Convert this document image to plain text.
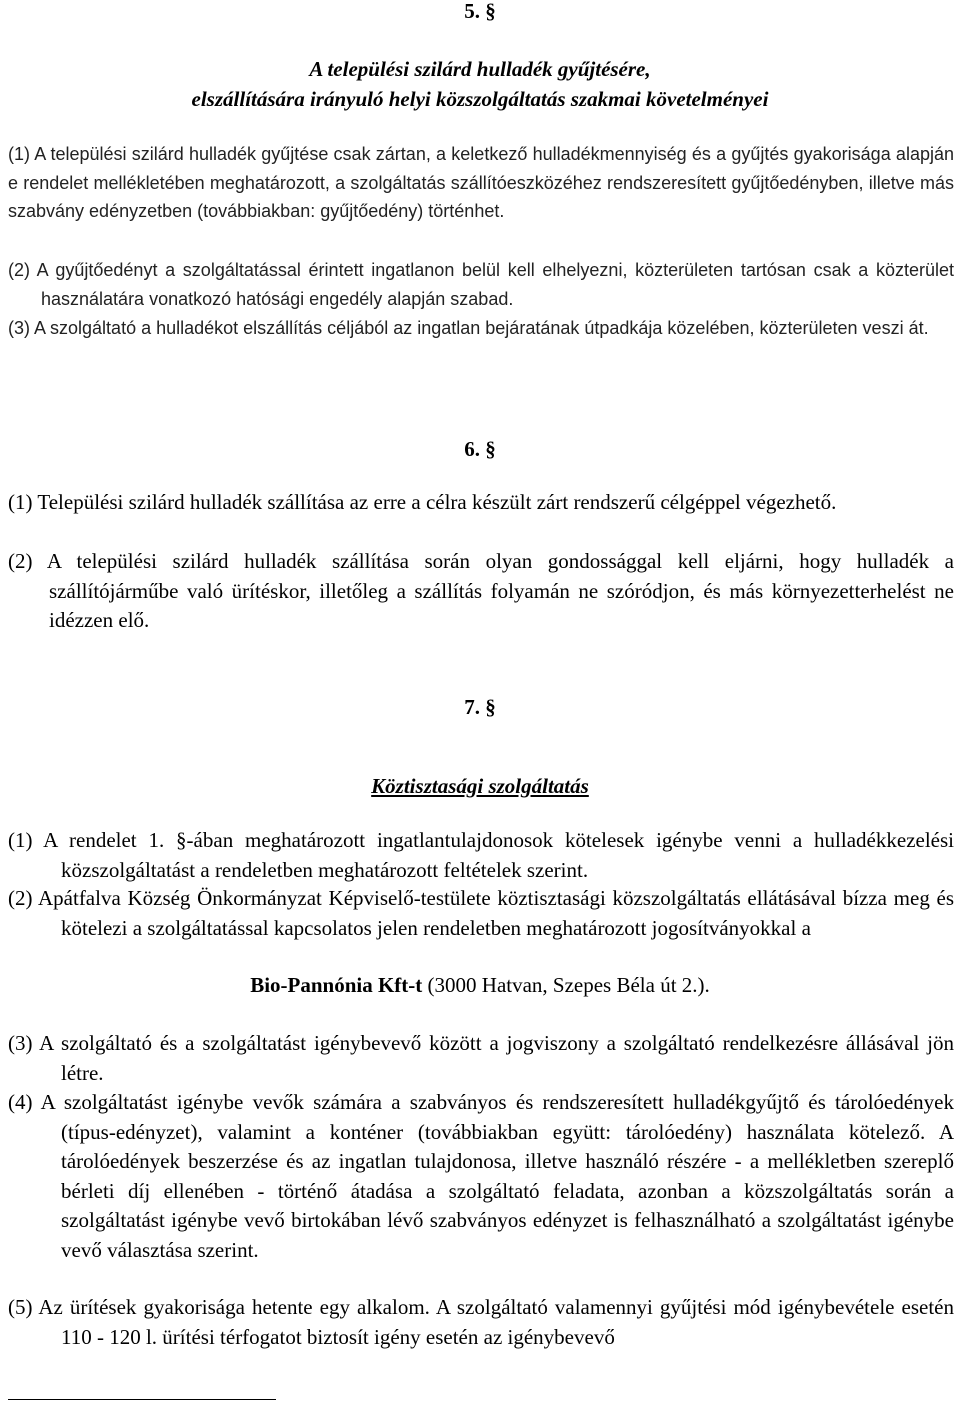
5. §
A települési szilárd hulladék gyűjtésére,
elszállítására irányuló helyi közszolgáltatás szakmai követelményei

(1) A települési szilárd hulladék gyűjtése csak zártan, a keletkező hulladékmennyiség és a gyűjtés gyakorisága alapján e rendelet mellékletében meghatározott, a szolgáltatás szállítóeszközéhez rendszeresített gyűjtőedényben, illetve más szabvány edényzetben (továbbiakban: gyűjtőedény) történhet.

(2) A gyűjtőedényt a szolgáltatással érintett ingatlanon belül kell elhelyezni, közterületen tartósan csak a közterület használatára vonatkozó hatósági engedély alapján szabad.

(3) A szolgáltató a hulladékot elszállítás céljából az ingatlan bejáratának útpadkája közelében, közterületen veszi át.

6. §

(1) Települési szilárd hulladék szállítása az erre a célra készült zárt rendszerű célgéppel végezhető.

(2) A települési szilárd hulladék szállítása során olyan gondossággal kell eljárni, hogy hulladék a szállítójárműbe való ürítéskor, illetőleg a szállítás folyamán ne szóródjon, és más környezetterhelést ne idézzen elő.

7. §
Köztisztasági szolgáltatás

(1) A rendelet 1. §-ában meghatározott ingatlantulajdonosok kötelesek igénybe venni a hulladékkezelési közszolgáltatást a rendeletben meghatározott feltételek szerint.

(2) Apátfalva Község Önkormányzat Képviselő-testülete köztisztasági közszolgáltatás ellátásával bízza meg és kötelezi a szolgáltatással kapcsolatos jelen rendeletben meghatározott jogosítványokkal a

Bio-Pannónia Kft-t (3000 Hatvan, Szepes Béla út 2.).

(3) A szolgáltató és a szolgáltatást igénybevevő között a jogviszony a szolgáltató rendelkezésre állásával jön létre.

(4) A szolgáltatást igénybe vevők számára a szabványos és rendszeresített hulladékgyűjtő és tárolóedények (típus-edényzet), valamint a konténer (továbbiakban együtt: tárolóedény) használata kötelező. A tárolóedények beszerzése és az ingatlan tulajdonosa, illetve használó részére - a mellékletben szereplő bérleti díj ellenében - történő átadása a szolgáltató feladata, azonban a közszolgáltatás során a szolgáltatást igénybe vevő birtokában lévő szabványos edényzet is felhasználható a szolgáltatást igénybe vevő választása szerint.

(5) Az ürítések gyakorisága hetente egy alkalom. A szolgáltató valamennyi gyűjtési mód igénybevétele esetén 110 - 120 l. ürítési térfogatot biztosít igény esetén az igénybevevő
